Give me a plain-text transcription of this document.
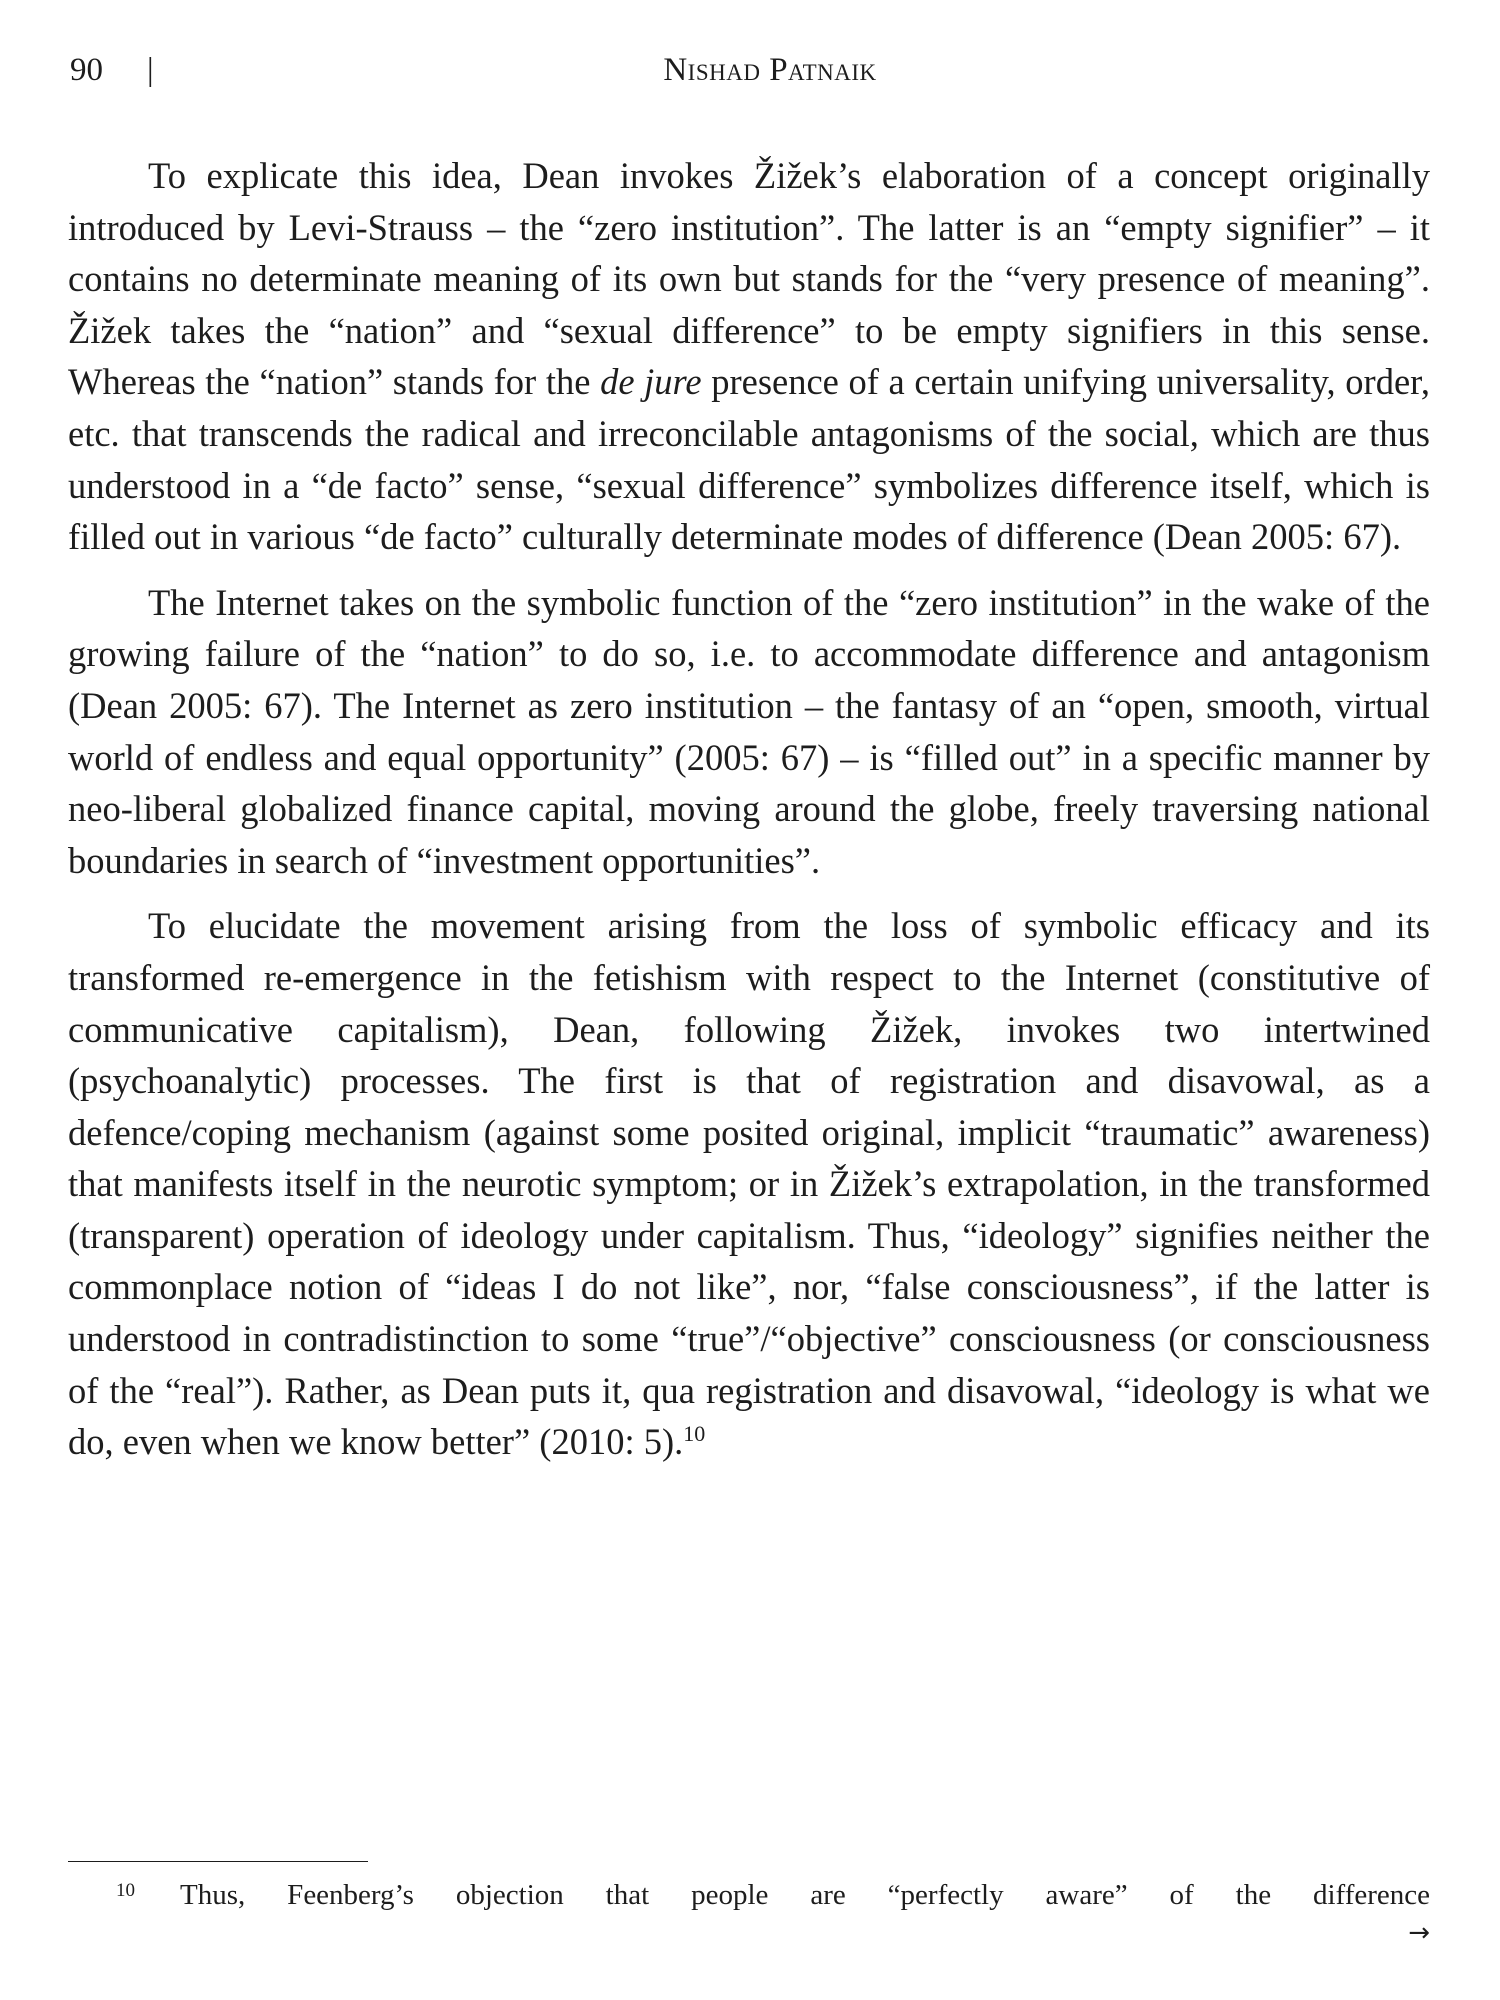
90 |	Nishad Patnaik

To explicate this idea, Dean invokes Žižek’s elaboration of a concept originally introduced by Levi-Strauss – the “zero institution”. The latter is an “empty signifier” – it contains no determinate meaning of its own but stands for the “very presence of meaning”. Žižek takes the “nation” and “sexual difference” to be empty signifiers in this sense. Whereas the “nation” stands for the de jure presence of a certain unifying universality, order, etc. that transcends the radical and irreconcilable antagonisms of the social, which are thus understood in a “de facto” sense, “sexual difference” symbolizes difference itself, which is filled out in various “de facto” culturally determinate modes of difference (Dean 2005: 67).

The Internet takes on the symbolic function of the “zero institution” in the wake of the growing failure of the “nation” to do so, i.e. to accommodate difference and antagonism (Dean 2005: 67). The Internet as zero institution – the fantasy of an “open, smooth, virtual world of endless and equal opportunity” (2005: 67) – is “filled out” in a specific manner by neo-liberal globalized finance capital, moving around the globe, freely traversing national boundaries in search of “investment opportunities”.

To elucidate the movement arising from the loss of symbolic efficacy and its transformed re-emergence in the fetishism with respect to the Internet (constitutive of communicative capitalism), Dean, following Žižek, invokes two intertwined (psychoanalytic) processes. The first is that of registration and disavowal, as a defence/coping mechanism (against some posited original, implicit “traumatic” awareness) that manifests itself in the neurotic symptom; or in Žižek’s extrapolation, in the transformed (transparent) operation of ideology under capitalism. Thus, “ideology” signifies neither the commonplace notion of “ideas I do not like”, nor, “false consciousness”, if the latter is understood in contradistinction to some “true”/“objective” consciousness (or consciousness of the “real”). Rather, as Dean puts it, qua registration and disavowal, “ideology is what we do, even when we know better” (2010: 5).$^{10}$

10 Thus, Feenberg’s objection that people are “perfectly aware” of the difference
→
